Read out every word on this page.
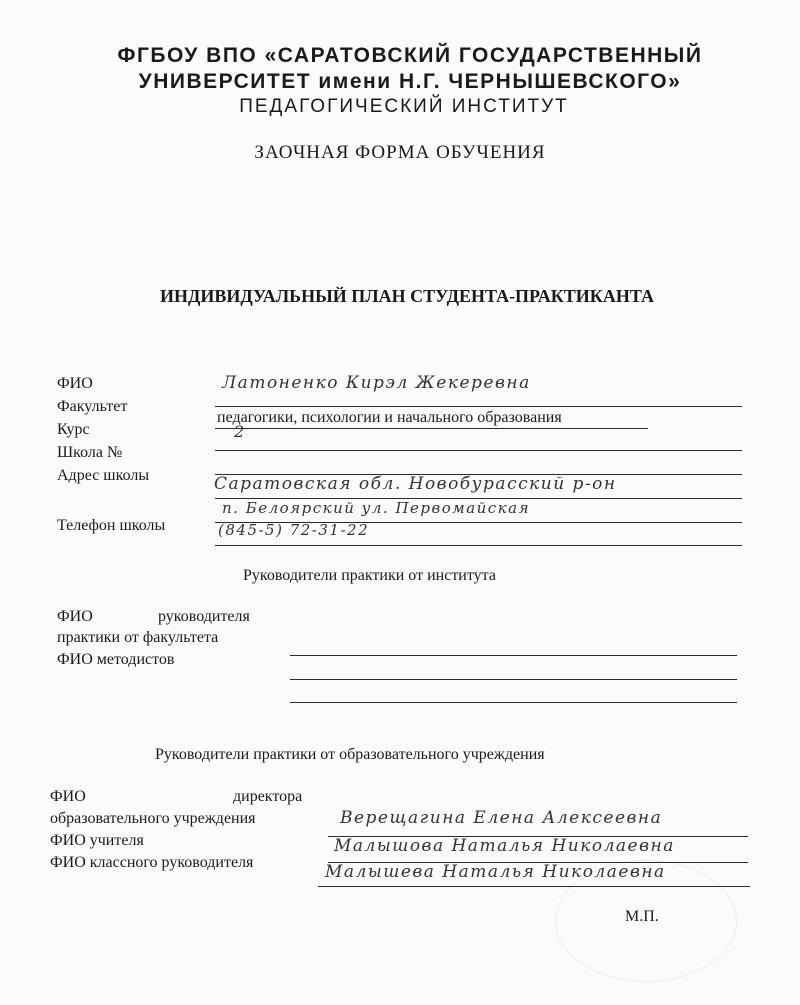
ФГБОУ ВПО «САРАТОВСКИЙ ГОСУДАРСТВЕННЫЙ
УНИВЕРСИТЕТ имени Н.Г. ЧЕРНЫШЕВСКОГО»
ПЕДАГОГИЧЕСКИЙ ИНСТИТУТ
ЗАОЧНАЯ ФОРМА ОБУЧЕНИЯ
ИНДИВИДУАЛЬНЫЙ ПЛАН СТУДЕНТА-ПРАКТИКАНТА
ФИО	Латоненко Кирэл Жекеревна
Факультет
педагогики, психологии и начального образования
Курс	2
Школа №
Адрес школы	Саратовская обл. Новобурасский р-он
п. Белоярский ул. Первомайская
Телефон школы	(845-5) 72-31-22
Руководители практики от института
ФИО	руководителя
практики от факультета
ФИО методистов
Руководители практики от образовательного учреждения
ФИО	директора
образовательного учреждения	Верещагина Елена Алексеевна
ФИО учителя	Малышова Наталья Николаевна
ФИО классного руководителя	Малышева Наталья Николаевна
М.П.
